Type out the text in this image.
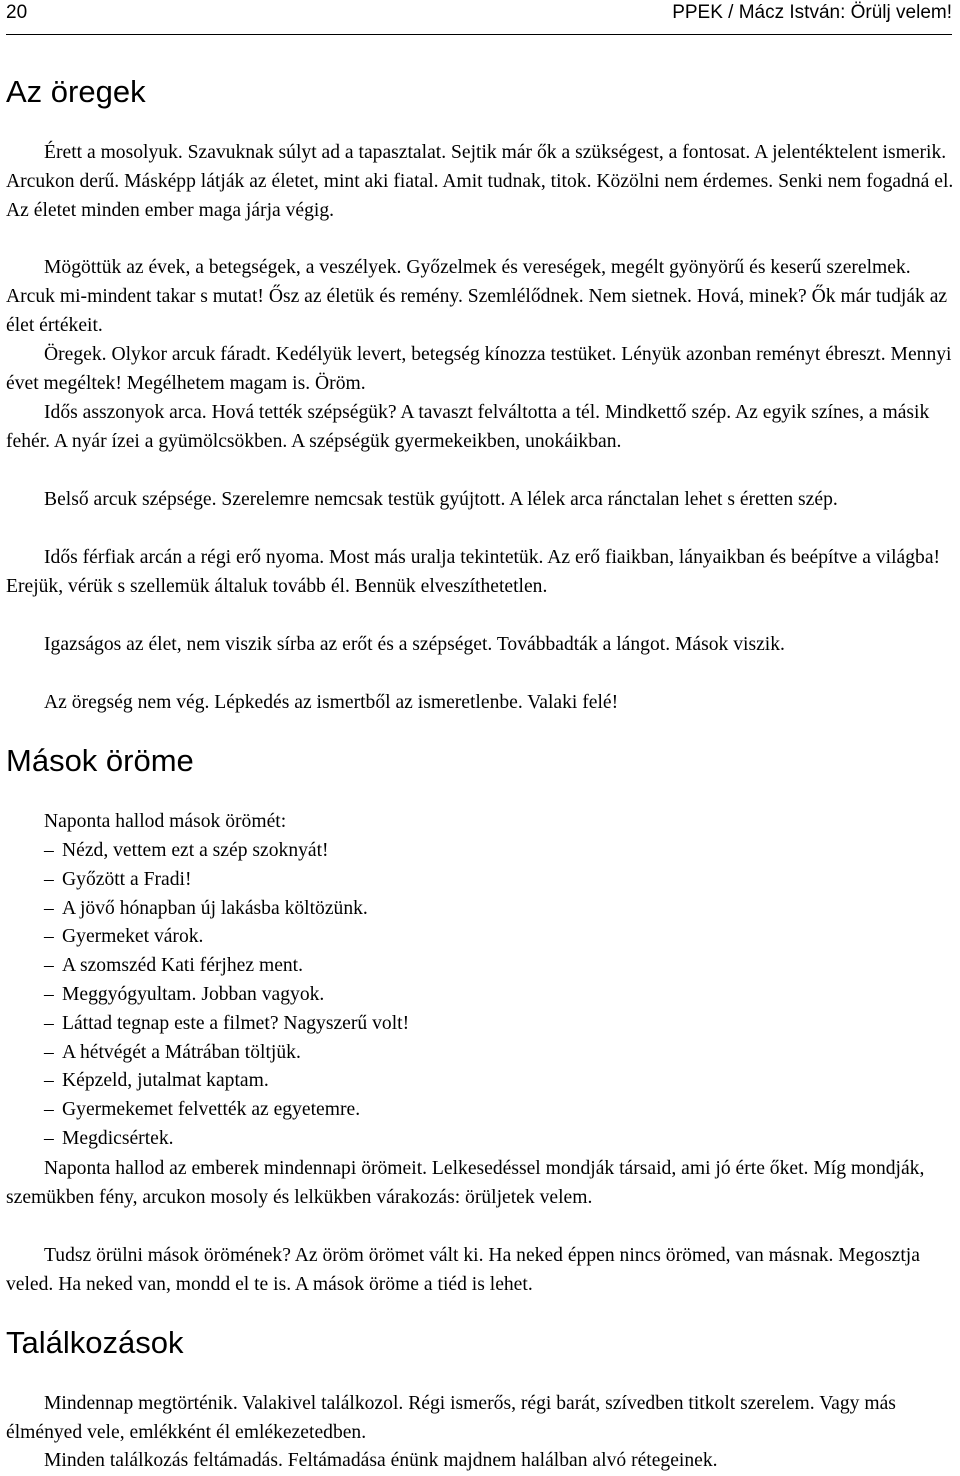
20	PPEK / Mácz István: Örülj velem!
Az öregek

Érett a mosolyuk. Szavuknak súlyt ad a tapasztalat. Sejtik már ők a szükségest, a fontosat. A jelentéktelent ismerik. Arcukon derű. Másképp látják az életet, mint aki fiatal. Amit tudnak, titok. Közölni nem érdemes. Senki nem fogadná el. Az életet minden ember maga járja végig.

Mögöttük az évek, a betegségek, a veszélyek. Győzelmek és vereségek, megélt gyönyörű és keserű szerelmek. Arcuk mi-mindent takar s mutat! Ősz az életük és remény. Szemlélődnek. Nem sietnek. Hová, minek? Ők már tudják az élet értékeit.

Öregek. Olykor arcuk fáradt. Kedélyük levert, betegség kínozza testüket. Lényük azonban reményt ébreszt. Mennyi évet megéltek! Megélhetem magam is. Öröm.

Idős asszonyok arca. Hová tették szépségük? A tavaszt felváltotta a tél. Mindkettő szép. Az egyik színes, a másik fehér. A nyár ízei a gyümölcsökben. A szépségük gyermekeikben, unokáikban.

Belső arcuk szépsége. Szerelemre nemcsak testük gyújtott. A lélek arca ránctalan lehet s éretten szép.

Idős férfiak arcán a régi erő nyoma. Most más uralja tekintetük. Az erő fiaikban, lányaikban és beépítve a világba! Erejük, vérük s szellemük általuk tovább él. Bennük elveszíthetetlen.

Igazságos az élet, nem viszik sírba az erőt és a szépséget. Továbbadták a lángot. Mások viszik.

Az öregség nem vég. Lépkedés az ismertből az ismeretlenbe. Valaki felé!

Mások öröme

Naponta hallod mások örömét:

– Nézd, vettem ezt a szép szoknyát!
– Győzött a Fradi!
– A jövő hónapban új lakásba költözünk.
– Gyermeket várok.
– A szomszéd Kati férjhez ment.
– Meggyógyultam. Jobban vagyok.
– Láttad tegnap este a filmet? Nagyszerű volt!
– A hétvégét a Mátrában töltjük.
– Képzeld, jutalmat kaptam.
– Gyermekemet felvették az egyetemre.
– Megdicsértek.

Naponta hallod az emberek mindennapi örömeit. Lelkesedéssel mondják társaid, ami jó érte őket. Míg mondják, szemükben fény, arcukon mosoly és lelkükben várakozás: örüljetek velem.

Tudsz örülni mások örömének? Az öröm örömet vált ki. Ha neked éppen nincs örömed, van másnak. Megosztja veled. Ha neked van, mondd el te is. A mások öröme a tiéd is lehet.

Találkozások

Mindennap megtörténik. Valakivel találkozol. Régi ismerős, régi barát, szívedben titkolt szerelem. Vagy más élményed vele, emlékként él emlékezetedben.

Minden találkozás feltámadás. Feltámadása énünk majdnem halálban alvó rétegeinek.
